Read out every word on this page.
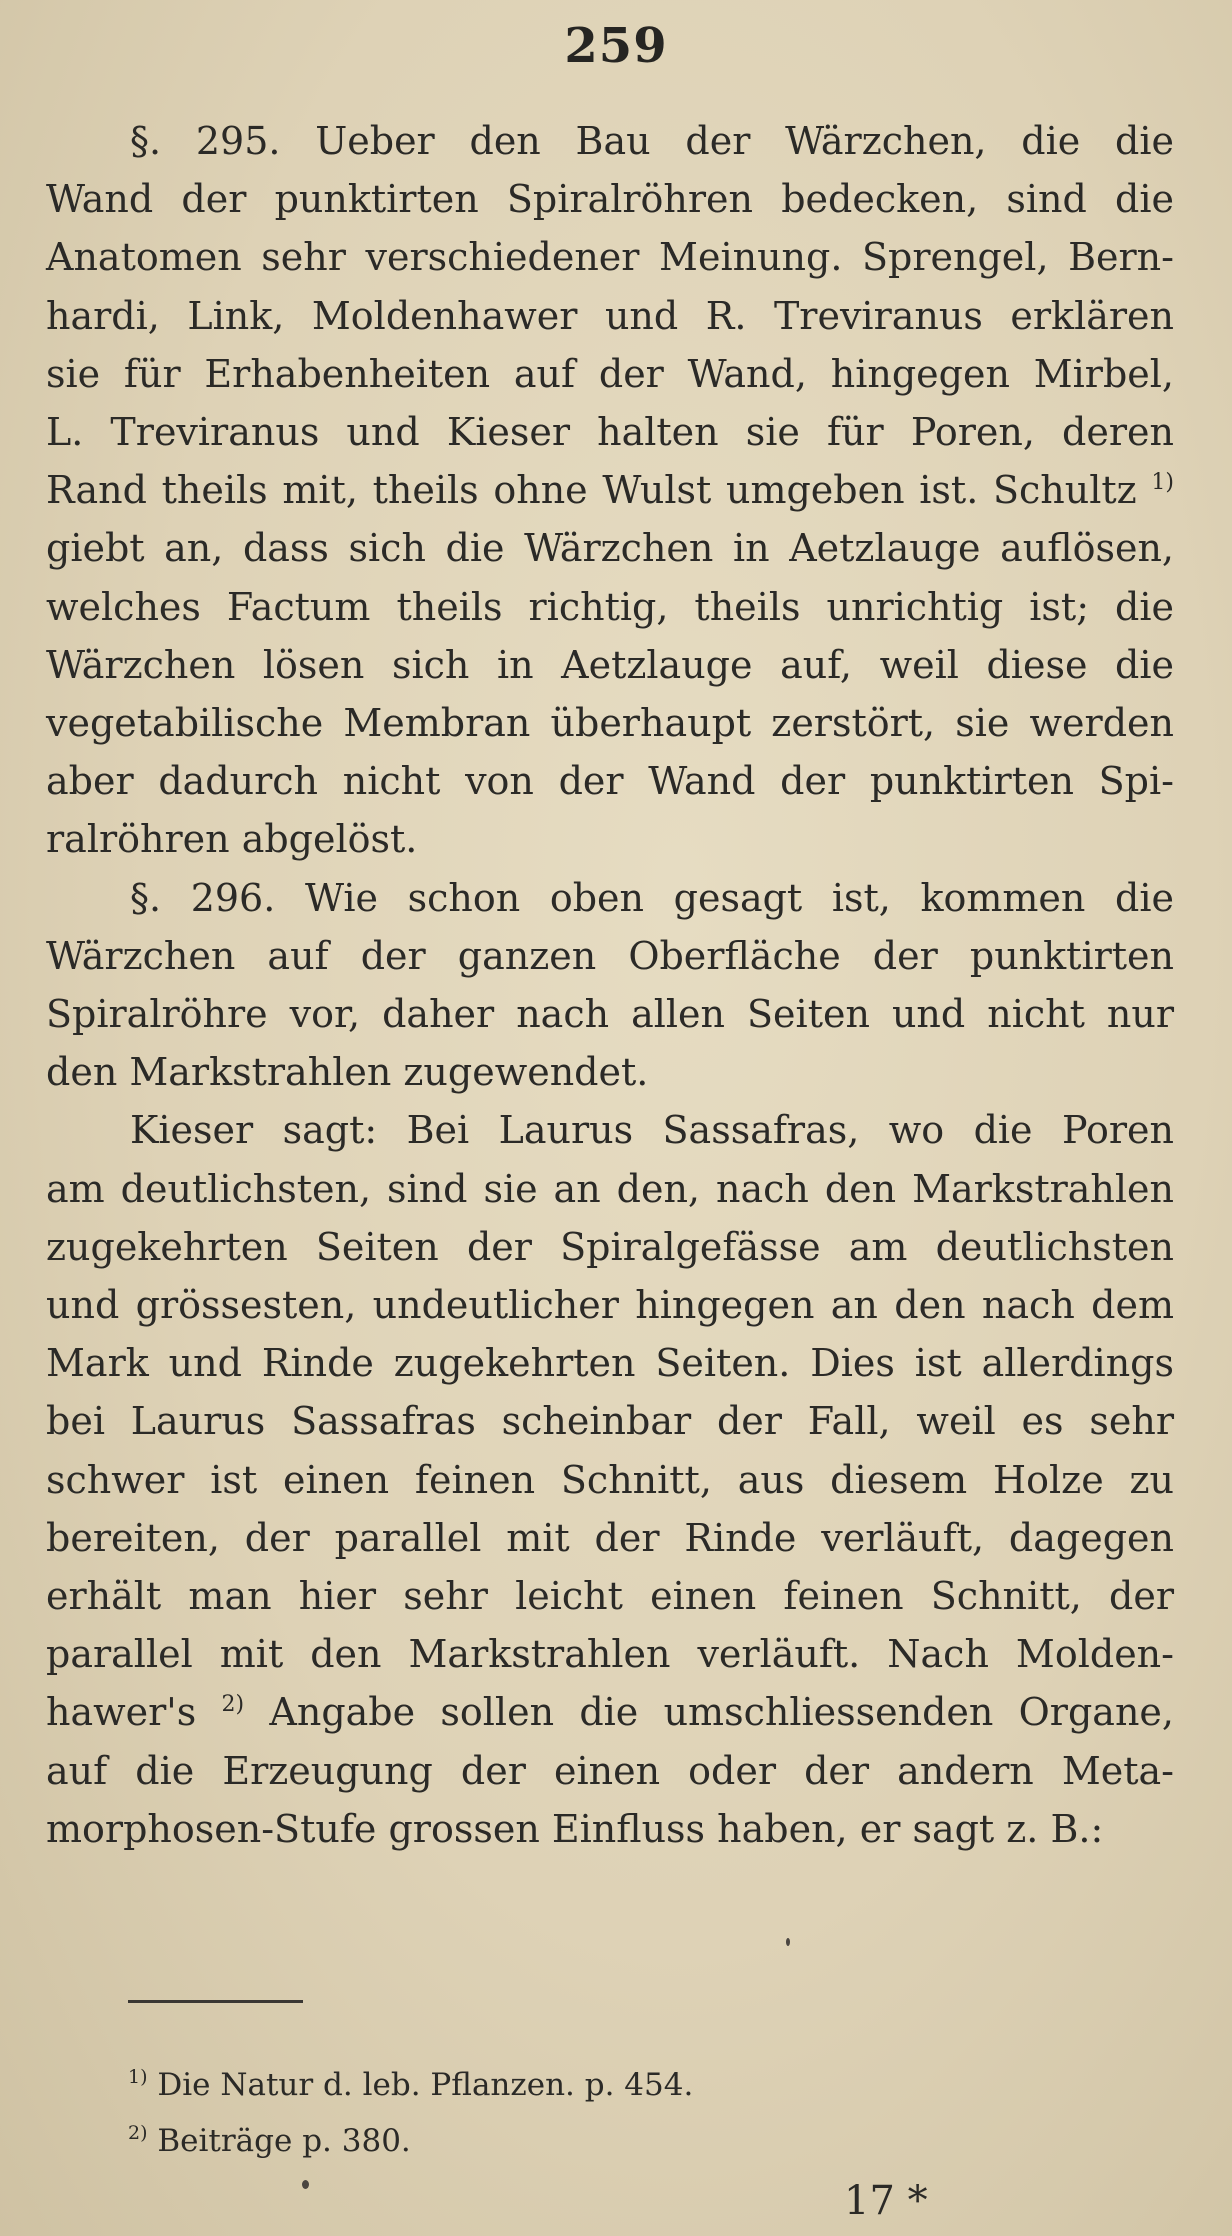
259
§. 295. Ueber den Bau der Wärzchen, die die
Wand der punktirten Spiralröhren bedecken, sind die
Anatomen sehr verschiedener Meinung. Sprengel, Bern-
hardi, Link, Moldenhawer und R. Treviranus erklären
sie für Erhabenheiten auf der Wand, hingegen Mirbel,
L. Treviranus und Kieser halten sie für Poren, deren
Rand theils mit, theils ohne Wulst umgeben ist. Schultz $^{1)}$
giebt an, dass sich die Wärzchen in Aetzlauge auflösen,
welches Factum theils richtig, theils unrichtig ist; die
Wärzchen lösen sich in Aetzlauge auf, weil diese die
vegetabilische Membran überhaupt zerstört, sie werden
aber dadurch nicht von der Wand der punktirten Spi-
ralröhren abgelöst.
§. 296. Wie schon oben gesagt ist, kommen die
Wärzchen auf der ganzen Oberfläche der punktirten
Spiralröhre vor, daher nach allen Seiten und nicht nur
den Markstrahlen zugewendet.
Kieser sagt: Bei Laurus Sassafras, wo die Poren
am deutlichsten, sind sie an den, nach den Markstrahlen
zugekehrten Seiten der Spiralgefässe am deutlichsten
und grössesten, undeutlicher hingegen an den nach dem
Mark und Rinde zugekehrten Seiten. Dies ist allerdings
bei Laurus Sassafras scheinbar der Fall, weil es sehr
schwer ist einen feinen Schnitt, aus diesem Holze zu
bereiten, der parallel mit der Rinde verläuft, dagegen
erhält man hier sehr leicht einen feinen Schnitt, der
parallel mit den Markstrahlen verläuft. Nach Molden-
hawer's $^{2)}$ Angabe sollen die umschliessenden Organe,
auf die Erzeugung der einen oder der andern Meta-
morphosen-Stufe grossen Einfluss haben, er sagt z. B.:
$^{1)}$ Die Natur d. leb. Pflanzen. p. 454.
$^{2)}$ Beiträge p. 380.
17 *
